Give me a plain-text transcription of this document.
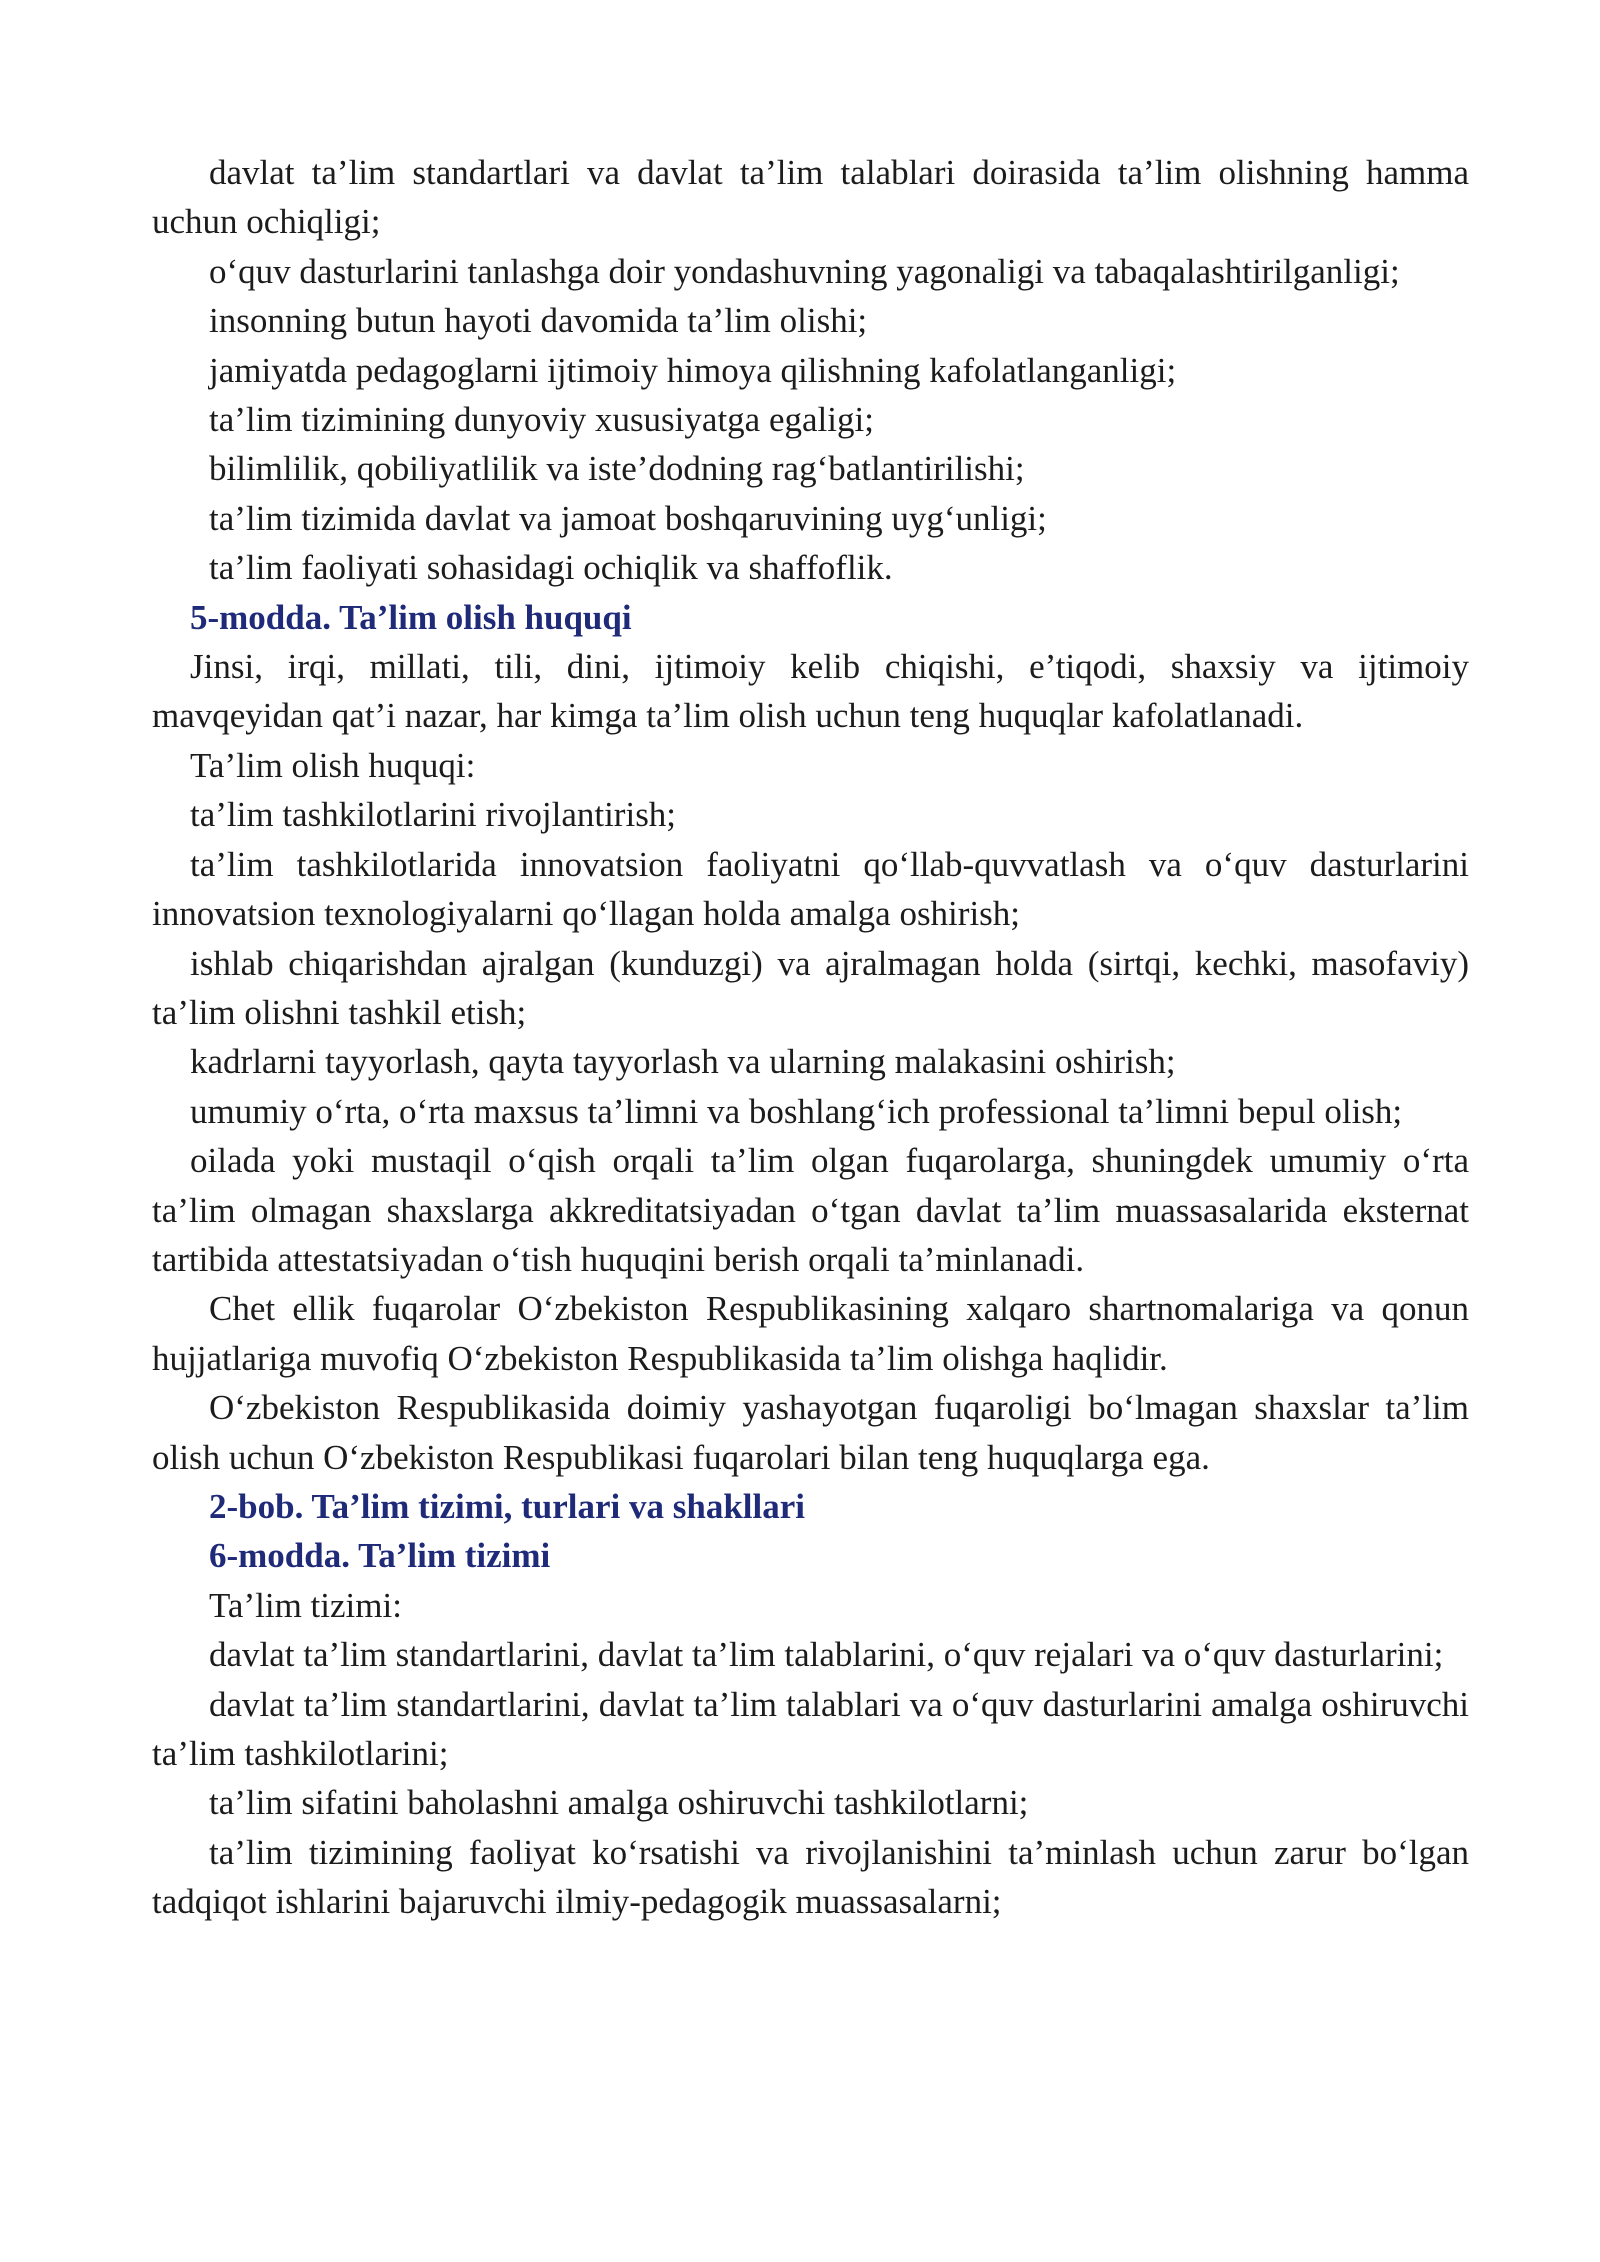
davlat ta’lim standartlari va davlat ta’lim talablari doirasida ta’lim olishning hamma uchun ochiqligi;

o‘quv dasturlarini tanlashga doir yondashuvning yagonaligi va tabaqalashtirilganligi;

insonning butun hayoti davomida ta’lim olishi;

jamiyatda pedagoglarni ijtimoiy himoya qilishning kafolatlanganligi;

ta’lim tizimining dunyoviy xususiyatga egaligi;

bilimlilik, qobiliyatlilik va iste’dodning rag‘batlantirilishi;

ta’lim tizimida davlat va jamoat boshqaruvining uyg‘unligi;

ta’lim faoliyati sohasidagi ochiqlik va shaffoflik.

5-modda. Ta’lim olish huquqi

Jinsi, irqi, millati, tili, dini, ijtimoiy kelib chiqishi, e’tiqodi, shaxsiy va ijtimoiy mavqeyidan qat’i nazar, har kimga ta’lim olish uchun teng huquqlar kafolatlanadi.

Ta’lim olish huquqi:

ta’lim tashkilotlarini rivojlantirish;

ta’lim tashkilotlarida innovatsion faoliyatni qo‘llab-quvvatlash va o‘quv dasturlarini innovatsion texnologiyalarni qo‘llagan holda amalga oshirish;

ishlab chiqarishdan ajralgan (kunduzgi) va ajralmagan holda (sirtqi, kechki, masofaviy) ta’lim olishni tashkil etish;

kadrlarni tayyorlash, qayta tayyorlash va ularning malakasini oshirish;

umumiy o‘rta, o‘rta maxsus ta’limni va boshlang‘ich professional ta’limni bepul olish;

oilada yoki mustaqil o‘qish orqali ta’lim olgan fuqarolarga, shuningdek umumiy o‘rta ta’lim olmagan shaxslarga akkreditatsiyadan o‘tgan davlat ta’lim muassasalarida eksternat tartibida attestatsiyadan o‘tish huquqini berish orqali ta’minlanadi.

Chet ellik fuqarolar O‘zbekiston Respublikasining xalqaro shartnomalariga va qonun hujjatlariga muvofiq O‘zbekiston Respublikasida ta’lim olishga haqlidir.

O‘zbekiston Respublikasida doimiy yashayotgan fuqaroligi bo‘lmagan shaxslar ta’lim olish uchun O‘zbekiston Respublikasi fuqarolari bilan teng huquqlarga ega.

2-bob. Ta’lim tizimi, turlari va shakllari

6-modda. Ta’lim tizimi

Ta’lim tizimi:

davlat ta’lim standartlarini, davlat ta’lim talablarini, o‘quv rejalari va o‘quv dasturlarini;

davlat ta’lim standartlarini, davlat ta’lim talablari va o‘quv dasturlarini amalga oshiruvchi ta’lim tashkilotlarini;

ta’lim sifatini baholashni amalga oshiruvchi tashkilotlarni;

ta’lim tizimining faoliyat ko‘rsatishi va rivojlanishini ta’minlash uchun zarur bo‘lgan tadqiqot ishlarini bajaruvchi ilmiy-pedagogik muassasalarni;
